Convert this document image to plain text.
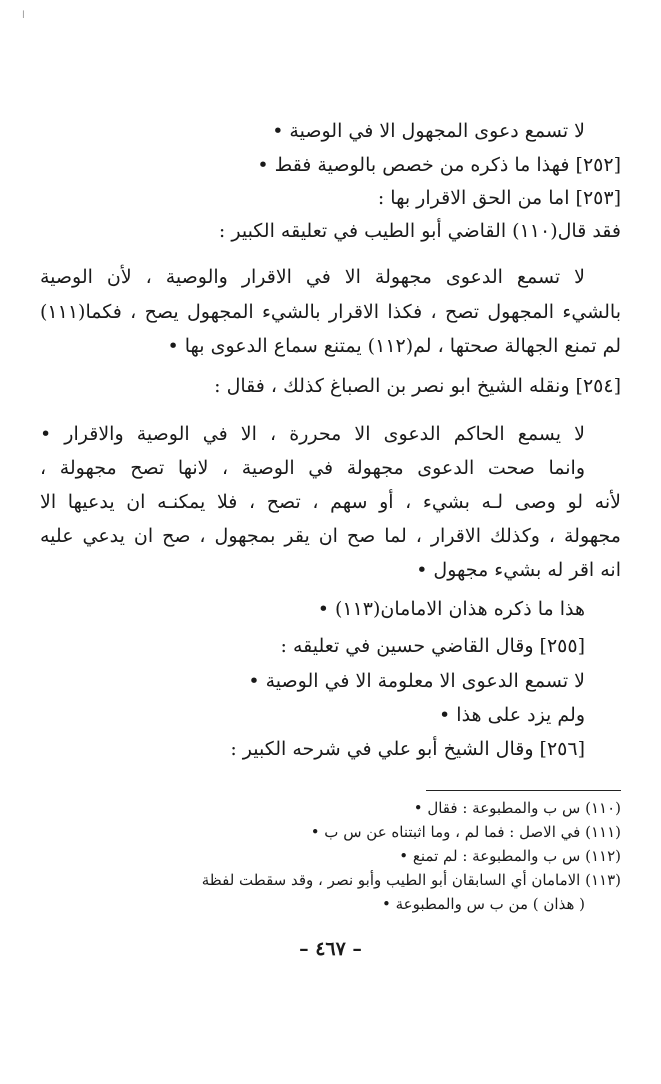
ا
لا تسمع دعوى المجهول الا في الوصية •
[٢٥٢] فهذا ما ذكره من خصص بالوصية فقط •
[٢٥٣] اما من الحق الاقرار بها :
فقد قال(١١٠) القاضي أبو الطيب في تعليقه الكبير :
لا تسمع الدعوى مجهولة الا في الاقرار والوصية ، لأن الوصية
بالشيء المجهول تصح ، فكذا الاقرار بالشيء المجهول يصح ، فكما(١١١)
لم تمنع الجهالة صحتها ، لم(١١٢) يمتنع سماع الدعوى بها •
[٢٥٤] ونقله الشيخ ابو نصر بن الصباغ كذلك ، فقال :
لا يسمع الحاكم الدعوى الا محررة ، الا في الوصية والاقرار •
وانما صحت الدعوى مجهولة في الوصية ، لانها تصح مجهولة ،
لأنه لو وصى لـه بشيء ، أو سهم ، تصح ، فلا يمكنـه ان يدعيها الا
مجهولة ، وكذلك الاقرار ، لما صح ان يقر بمجهول ، صح ان يدعي عليه
انه اقر له بشيء مجهول •
هذا ما ذكره هذان الامامان(١١٣) •
[٢٥٥] وقال القاضي حسين في تعليقه :
لا تسمع الدعوى الا معلومة الا في الوصية •
ولم يزد على هذا •
[٢٥٦] وقال الشيخ أبو علي في شرحه الكبير :
(١١٠) س ب والمطبوعة : فقال •
(١١١) في الاصل : فما لم ، وما اثبتناه عن س ب •
(١١٢) س ب والمطبوعة : لم تمنع •
(١١٣) الامامان أي السابقان أبو الطيب وأبو نصر ، وقد سقطت لفظة
( هذان ) من ب س والمطبوعة •
– ٤٦٧ –
